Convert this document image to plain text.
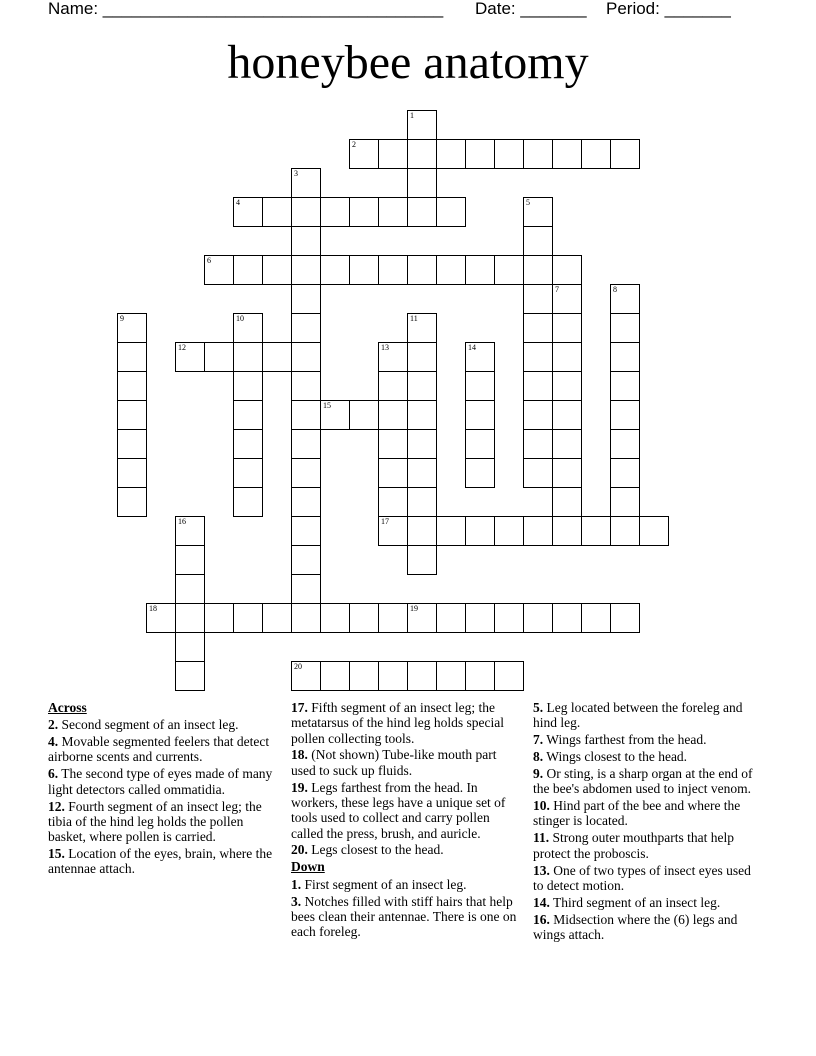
Name: ____________________________________

Date: _______

Period: _______

honeybee anatomy
2
4
6
12
15
17
18	19
20
1
3
5
7	8
9	10	11
13	14
16
Across
2. Second segment of an insect leg.
4. Movable segmented feelers that detect airborne scents and currents.
6. The second type of eyes made of many light detectors called ommatidia.
12. Fourth segment of an insect leg; the tibia of the hind leg holds the pollen basket, where pollen is carried.
15. Location of the eyes, brain, where the antennae attach.
17. Fifth segment of an insect leg; the metatarsus of the hind leg holds special pollen collecting tools.
18. (Not shown) Tube-like mouth part used to suck up fluids.
19. Legs farthest from the head. In workers, these legs have a unique set of tools used to collect and carry pollen called the press, brush, and auricle.
20. Legs closest to the head.
Down
1. First segment of an insect leg.
3. Notches filled with stiff hairs that help bees clean their antennae. There is one on each foreleg.
5. Leg located between the foreleg and hind leg.
7. Wings farthest from the head.
8. Wings closest to the head.
9. Or sting, is a sharp organ at the end of the bee's abdomen used to inject venom.
10. Hind part of the bee and where the stinger is located.
11. Strong outer mouthparts that help protect the proboscis.
13. One of two types of insect eyes used to detect motion.
14. Third segment of an insect leg.
16. Midsection where the (6) legs and wings attach.
